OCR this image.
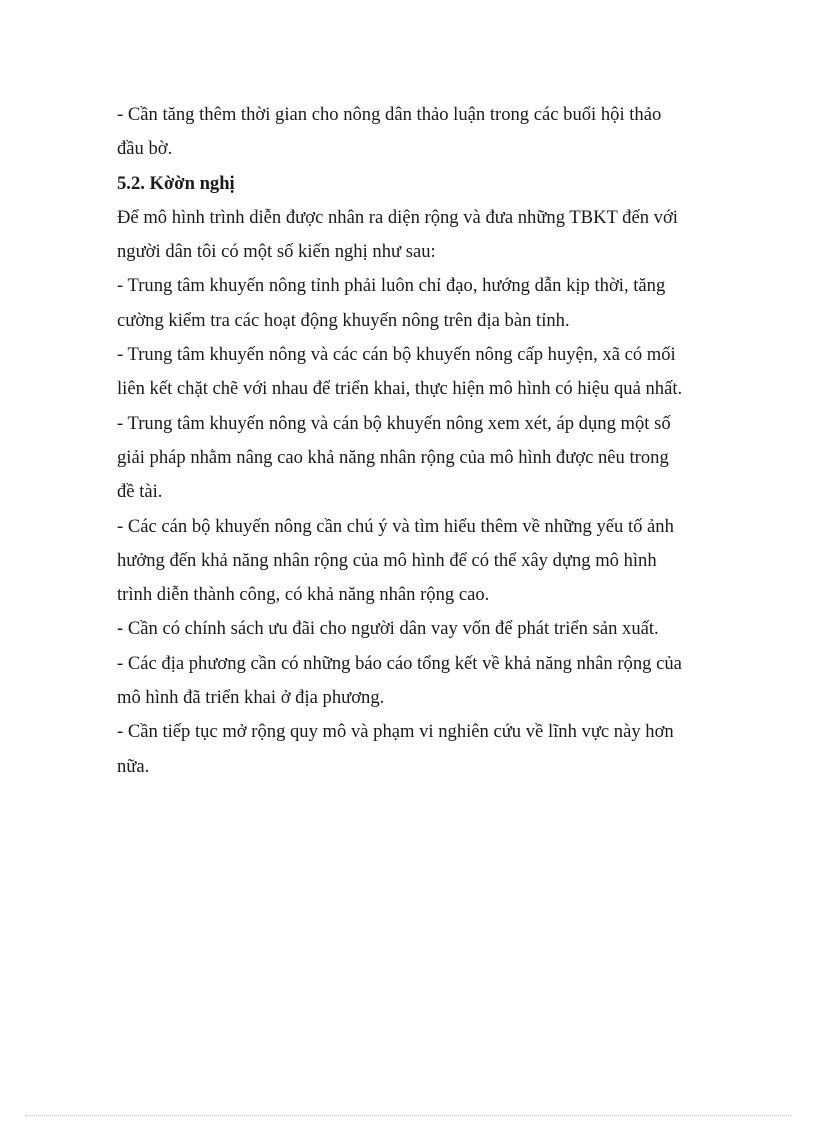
- Cần tăng thêm thời gian cho nông dân thảo luận trong các buổi hội thảo

đầu bờ.

5.2. Kờờn nghị

Để mô hình trình diễn được nhân ra diện rộng và đưa những TBKT đến với

người dân tôi có một số kiến nghị như sau:

- Trung tâm khuyến nông tỉnh phải luôn chỉ đạo, hướng dẫn kịp thời, tăng

cường kiểm tra các hoạt động khuyến nông trên địa bàn tỉnh.

- Trung tâm khuyến nông và các cán bộ khuyến nông cấp huyện, xã có mối

liên kết chặt chẽ với nhau để triển khai, thực hiện mô hình có hiệu quả nhất.

- Trung tâm khuyến nông và cán bộ khuyến nông xem xét, áp dụng một số

giải pháp nhằm nâng cao khả năng nhân rộng của mô hình được nêu trong

đề tài.

- Các cán bộ khuyến nông cần chú ý và tìm hiểu thêm về những yếu tố ảnh

hưởng đến khả năng nhân rộng của mô hình để có thể xây dựng mô hình

trình diễn thành công, có khả năng nhân rộng cao.

- Cần có chính sách ưu đãi cho người dân vay vốn để phát triển sản xuất.

- Các địa phương cần có những báo cáo tổng kết về khả năng nhân rộng của

mô hình đã triển khai ở địa phương.

- Cần tiếp tục mở rộng quy mô và phạm vi nghiên cứu về lĩnh vực này hơn

nữa.
